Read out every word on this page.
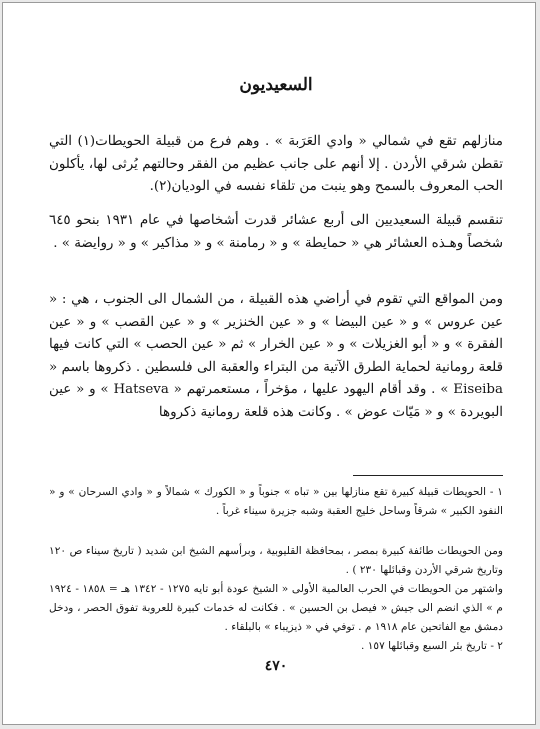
السعيديون

منازلهم تقع في شمالي « وادي العَرَبة » . وهم فرع من قبيلة الحويطات(١) التي تقطن شرقي الأردن . إلا أنهم على جانب عظيم من الفقر وحالتهم يُرثى لها، يأكلون الحب المعروف بالسمح وهو ينبت من تلقاء نفسه في الوديان(٢).

تنقسم قبيلة السعيديين الى أربع عشائر قدرت أشخاصها في عام ١٩٣١ بنحو ٦٤٥ شخصاً وهـذه العشائر هي « حمايطة » و « رمامنة » و « مذاكير » و « روايضة » .

ومن المواقع التي تقوم في أراضي هذه القبيلة ، من الشمال الى الجنوب ، هي : « عين عروس » و « عين البيضا » و « عين الخنزير » و « عين القصب » و « عين الفقرة » و « أبو الغزيلات » و « عين الخرار » ثم « عين الحصب » التي كانت فيها قلعة رومانية لحماية الطرق الآتية من البتراء والعقبة الى فلسطين . ذكروها باسم « Eiseiba » . وقد أقام اليهود عليها ، مؤخراً ، مستعمرتهم « Hatseva » و « عين البويردة » و « مَيّات عوض » . وكانت هذه قلعة رومانية ذكروها

١ - الحويطات قبيلة كبيرة تقع منازلها بين « تباه » جنوباً و « الكورك » شمالاً و « وادي السرحان » و « النفود الكبير » شرقاً وساحل خليج العقبة وشبه جزيرة سيناء غرباً .

ومن الحويطات طائفة كبيرة بمصر ، بمحافظة القليوبية ، وبرأسهم الشيخ ابن شديد ( تاريخ سيناء ص ١٢٠ وتاريخ شرقي الأردن وقبائلها ٢٣٠ ) .

واشتهر من الحويطات في الحرب العالمية الأولى « الشيخ عودة أبو تايه ١٢٧٥ - ١٣٤٢ هـ = ١٨٥٨ - ١٩٢٤ م » الذي انضم الى جيش « فيصل بن الحسين » . فكانت له خدمات كبيرة للعروبة تفوق الحصر ، ودخل دمشق مع الفاتحين عام ١٩١٨ م . توفي في « ذيزيباء » بالبلقاء .

٢ - تاريخ بئر السبع وقبائلها ١٥٧ .

٤٧٠
